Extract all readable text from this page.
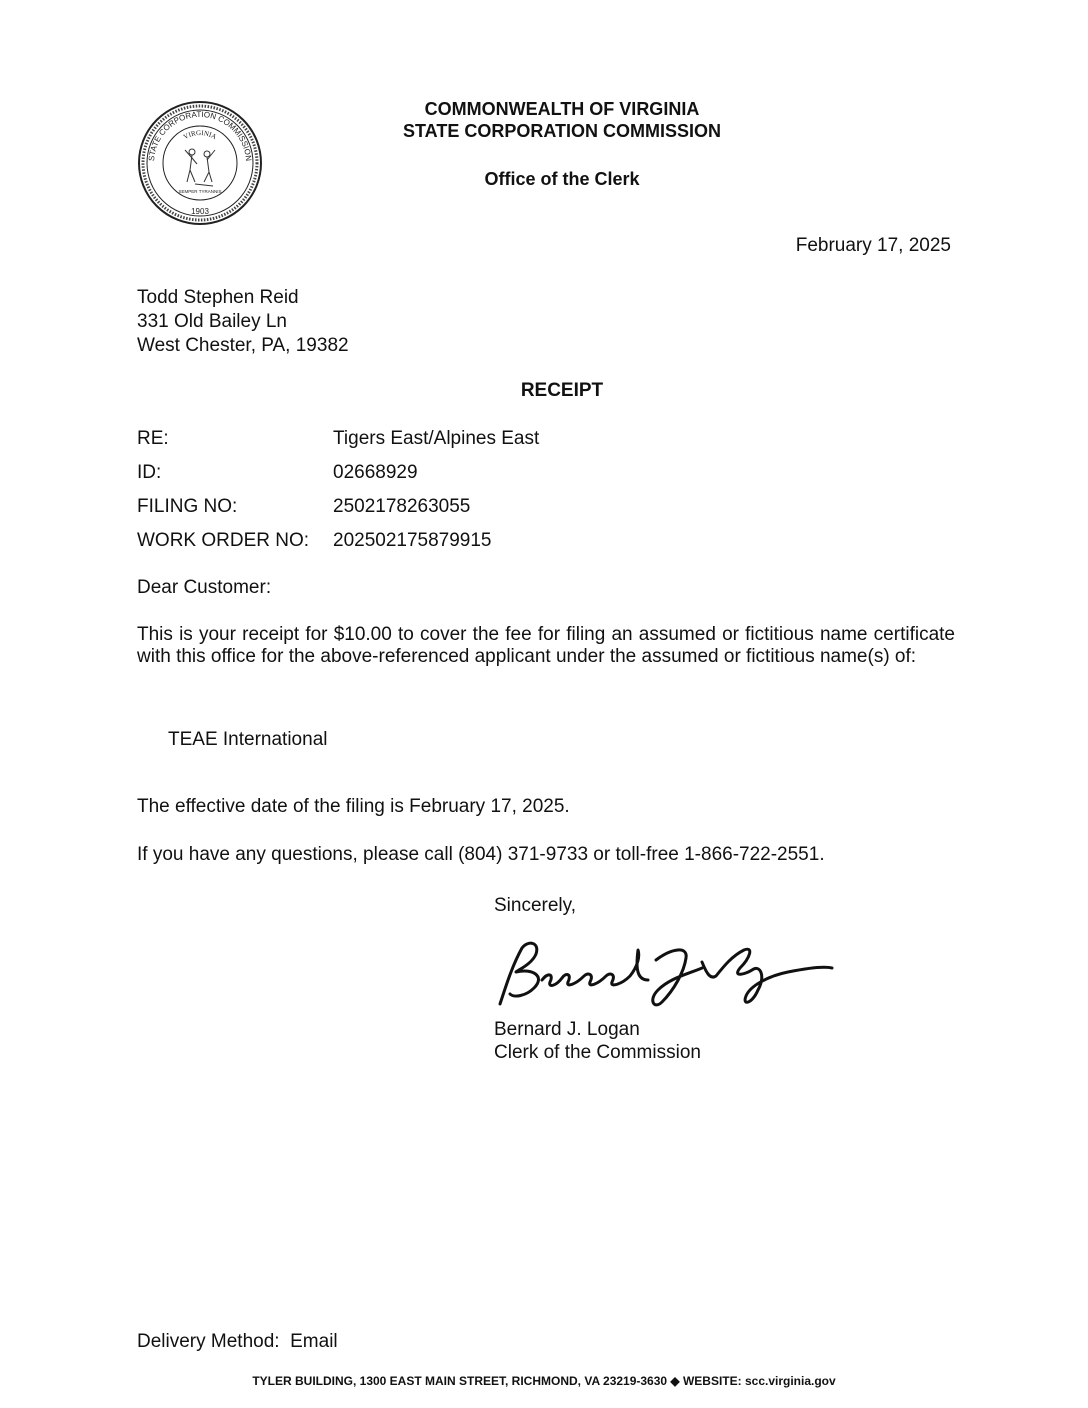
STATE CORPORATION COMMISSION
VIRGINIA
SEMPER TYRANNIS
1903
COMMONWEALTH OF VIRGINIA
STATE CORPORATION COMMISSION
Office of the Clerk
February 17, 2025
Todd Stephen Reid
331 Old Bailey Ln
West Chester, PA, 19382
RECEIPT
RE:	Tigers East/Alpines East
ID:	02668929
FILING NO:	2502178263055
WORK ORDER NO: 202502175879915
Dear Customer:
This is your receipt for $10.00 to cover the fee for filing an assumed or fictitious name certificate with this office for the above-referenced applicant under the assumed or fictitious name(s) of:
TEAE International
The effective date of the filing is February 17, 2025.
If you have any questions, please call (804) 371-9733 or toll-free 1-866-722-2551.
Sincerely,
Bernard J. Logan
Clerk of the Commission
Delivery Method: Email
TYLER BUILDING, 1300 EAST MAIN STREET, RICHMOND, VA 23219-3630 ◆ WEBSITE: scc.virginia.gov
